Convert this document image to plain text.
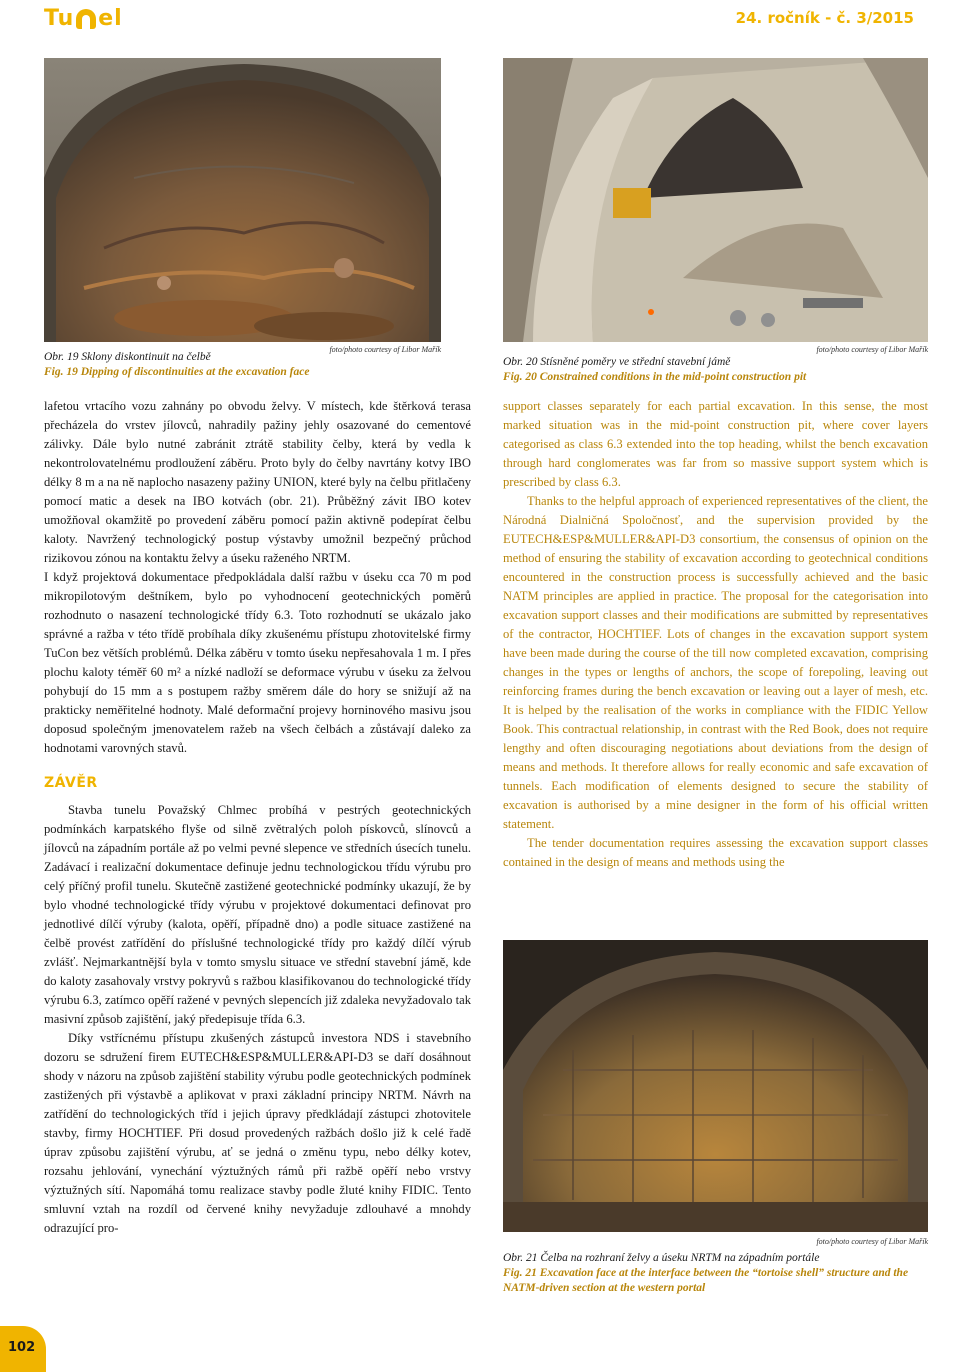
Tu el	24. ročník - č. 3/2015
foto/photo courtesy of Libor Mařík
Obr. 19 Sklony diskontinuit na čelbě
Fig. 19 Dipping of discontinuities at the excavation face
foto/photo courtesy of Libor Mařík
Obr. 20 Stísněné poměry ve střední stavební jámě
Fig. 20 Constrained conditions in the mid-point construction pit

lafetou vrtacího vozu zahnány po obvodu želvy. V místech, kde štěrková terasa přecházela do vrstev jílovců, nahradily pažiny jehly osazované do cementové zálivky. Dále bylo nutné zabránit ztrátě stability čelby, která by vedla k nekontrolovatelnému prodloužení záběru. Proto byly do čelby navrtány kotvy IBO délky 8 m a na ně naplocho nasazeny pažiny UNION, které byly na čelbu přitlačeny pomocí matic a desek na IBO kotvách (obr. 21). Průběžný závit IBO kotev umožňoval okamžitě po provedení záběru pomocí pažin aktivně podepírat čelbu kaloty. Navržený technologický postup výstavby umožnil bezpečný průchod rizikovou zónou na kontaktu želvy a úseku raženého NRTM.

I když projektová dokumentace předpokládala další ražbu v úseku cca 70 m pod mikropilotovým deštníkem, bylo po vyhodnocení geotechnických poměrů rozhodnuto o nasazení technologické třídy 6.3. Toto rozhodnutí se ukázalo jako správné a ražba v této třídě probíhala díky zkušenému přístupu zhotovitelské firmy TuCon bez větších problémů. Délka záběru v tomto úseku nepřesahovala 1 m. I přes plochu kaloty téměř 60 m² a nízké nadloží se deformace výrubu v úseku za želvou pohybují do 15 mm a s postupem ražby směrem dále do hory se snižují až na prakticky neměřitelné hodnoty. Malé deformační projevy horninového masivu jsou doposud společným jmenovatelem ražeb na všech čelbách a zůstávají daleko za hodnotami varovných stavů.

ZÁVĚR

Stavba tunelu Považský Chlmec probíhá v pestrých geotechnických podmínkách karpatského flyše od silně zvětralých poloh pískovců, slínovců a jílovců na západním portále až po velmi pevné slepence ve středních úsecích tunelu. Zadávací i realizační dokumentace definuje jednu technologickou třídu výrubu pro celý příčný profil tunelu. Skutečně zastižené geotechnické podmínky ukazují, že by bylo vhodné technologické třídy výrubu v projektové dokumentaci definovat pro jednotlivé dílčí výruby (kalota, opěří, případně dno) a podle situace zastižené na čelbě provést zatřídění do příslušné technologické třídy pro každý dílčí výrub zvlášť. Nejmarkantnější byla v tomto smyslu situace ve střední stavební jámě, kde do kaloty zasahovaly vrstvy pokryvů s ražbou klasifikovanou do technologické třídy výrubu 6.3, zatímco opěří ražené v pevných slepencích již zdaleka nevyžadovalo tak masivní způsob zajištění, jaký předepisuje třída 6.3.

Díky vstřícnému přístupu zkušených zástupců investora NDS i stavebního dozoru se sdružení firem EUTECH&ESP&MULLER&API-D3 se daří dosáhnout shody v názoru na způsob zajištění stability výrubu podle geotechnických podmínek zastižených při výstavbě a aplikovat v praxi základní principy NRTM. Návrh na zatřídění do technologických tříd i jejich úpravy předkládají zástupci zhotovitele stavby, firmy HOCHTIEF. Při dosud provedených ražbách došlo již k celé řadě úprav způsobu zajištění výrubu, ať se jedná o změnu typu, nebo délky kotev, rozsahu jehlování, vynechání výztužných rámů při ražbě opěří nebo vrstvy výztužných sítí. Napomáhá tomu realizace stavby podle žluté knihy FIDIC. Tento smluvní vztah na rozdíl od červené knihy nevyžaduje zdlouhavé a mnohdy odrazující pro-

support classes separately for each partial excavation. In this sense, the most marked situation was in the mid-point construction pit, where cover layers categorised as class 6.3 extended into the top heading, whilst the bench excavation through hard conglomerates was far from so massive support system which is prescribed by class 6.3.

Thanks to the helpful approach of experienced representatives of the client, the Národná Dialničná Spoločnosť, and the supervision provided by the EUTECH&ESP&MULLER&API-D3 consortium, the consensus of opinion on the method of ensuring the stability of excavation according to geotechnical conditions encountered in the construction process is successfully achieved and the basic NATM principles are applied in practice. The proposal for the categorisation into excavation support classes and their modifications are submitted by representatives of the contractor, HOCHTIEF. Lots of changes in the excavation support system have been made during the course of the till now completed excavation, comprising changes in the types or lengths of anchors, the scope of forepoling, leaving out reinforcing frames during the bench excavation or leaving out a layer of mesh, etc. It is helped by the realisation of the works in compliance with the FIDIC Yellow Book. This contractual relationship, in contrast with the Red Book, does not require lengthy and often discouraging negotiations about deviations from the design of means and methods. It therefore allows for really economic and safe excavation of tunnels. Each modification of elements designed to secure the stability of excavation is authorised by a mine designer in the form of his official written statement.

The tender documentation requires assessing the excavation support classes contained in the design of means and methods using the

foto/photo courtesy of Libor Mařík
Obr. 21 Čelba na rozhraní želvy a úseku NRTM na západním portále
Fig. 21 Excavation face at the interface between the “tortoise shell” structure and the NATM-driven section at the western portal
102
